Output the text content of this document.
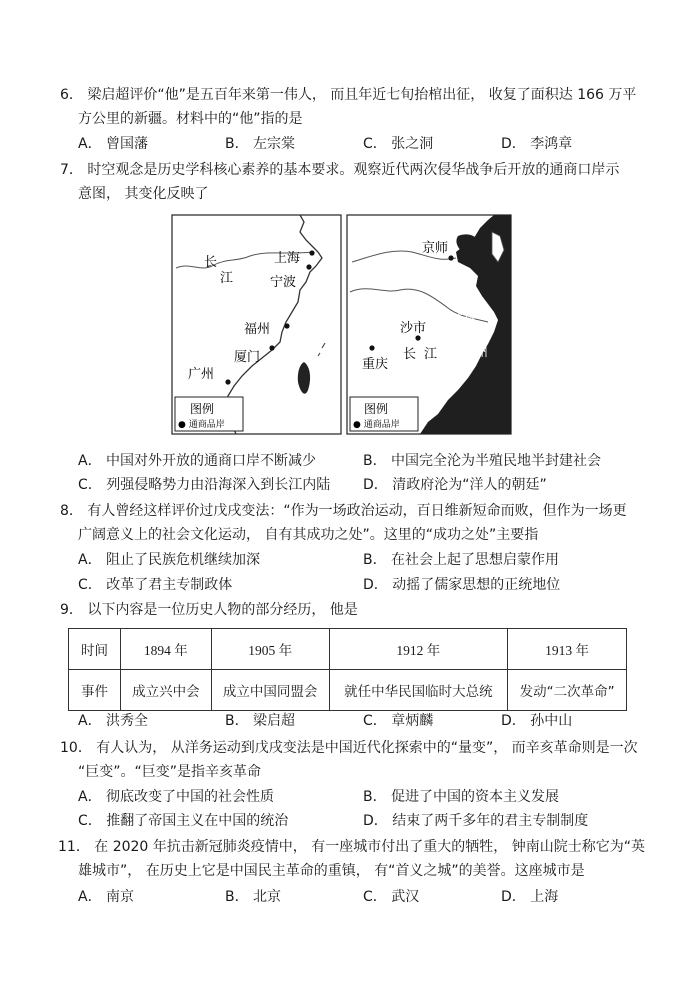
6． 梁启超评价“他”是五百年来第一伟人， 而且年近七旬抬棺出征， 收复了面积达 166 万平
方公里的新疆。材料中的“他”指的是
A． 曾国藩	B． 左宗棠	C． 张之洞	D． 李鸿章
7． 时空观念是历史学科核心素养的基本要求。观察近代两次侵华战争后开放的通商口岸示
意图， 其变化反映了
上海
长
江	宁波
福州
厦门
广州
图例
● 通商品岸
京师
苏州
沙市
长 江 杭州
重庆
图例
● 通商品岸
A． 中国对外开放的通商口岸不断减少	B． 中国完全沦为半殖民地半封建社会
C． 列强侵略势力由沿海深入到长江内陆 D． 清政府沦为“洋人的朝廷”
8． 有人曾经这样评价过戊戌变法：“作为一场政治运动，百日维新短命而败，但作为一场更
广阔意义上的社会文化运动， 自有其成功之处”。这里的“成功之处”主要指
A． 阻止了民族危机继续加深	B． 在社会上起了思想启蒙作用
C． 改革了君主专制政体	D． 动摇了儒家思想的正统地位
9． 以下内容是一位历史人物的部分经历， 他是
时间	1894 年	1905 年	1912 年	1913 年
事件	成立兴中会	成立中国同盟会	就任中华民国临时大总统	发动“二次革命”
A． 洪秀全	B． 梁启超	C． 章炳麟	D． 孙中山
10． 有人认为， 从洋务运动到戊戌变法是中国近代化探索中的“量变”， 而辛亥革命则是一次
“巨变”。“巨变”是指辛亥革命
A． 彻底改变了中国的社会性质	B． 促进了中国的资本主义发展
C． 推翻了帝国主义在中国的统治	D． 结束了两千多年的君主专制制度
11． 在 2020 年抗击新冠肺炎疫情中， 有一座城市付出了重大的牺牲， 钟南山院士称它为“英
雄城市”， 在历史上它是中国民主革命的重镇， 有“首义之城”的美誉。这座城市是
A． 南京	B． 北京	C． 武汉	D． 上海
